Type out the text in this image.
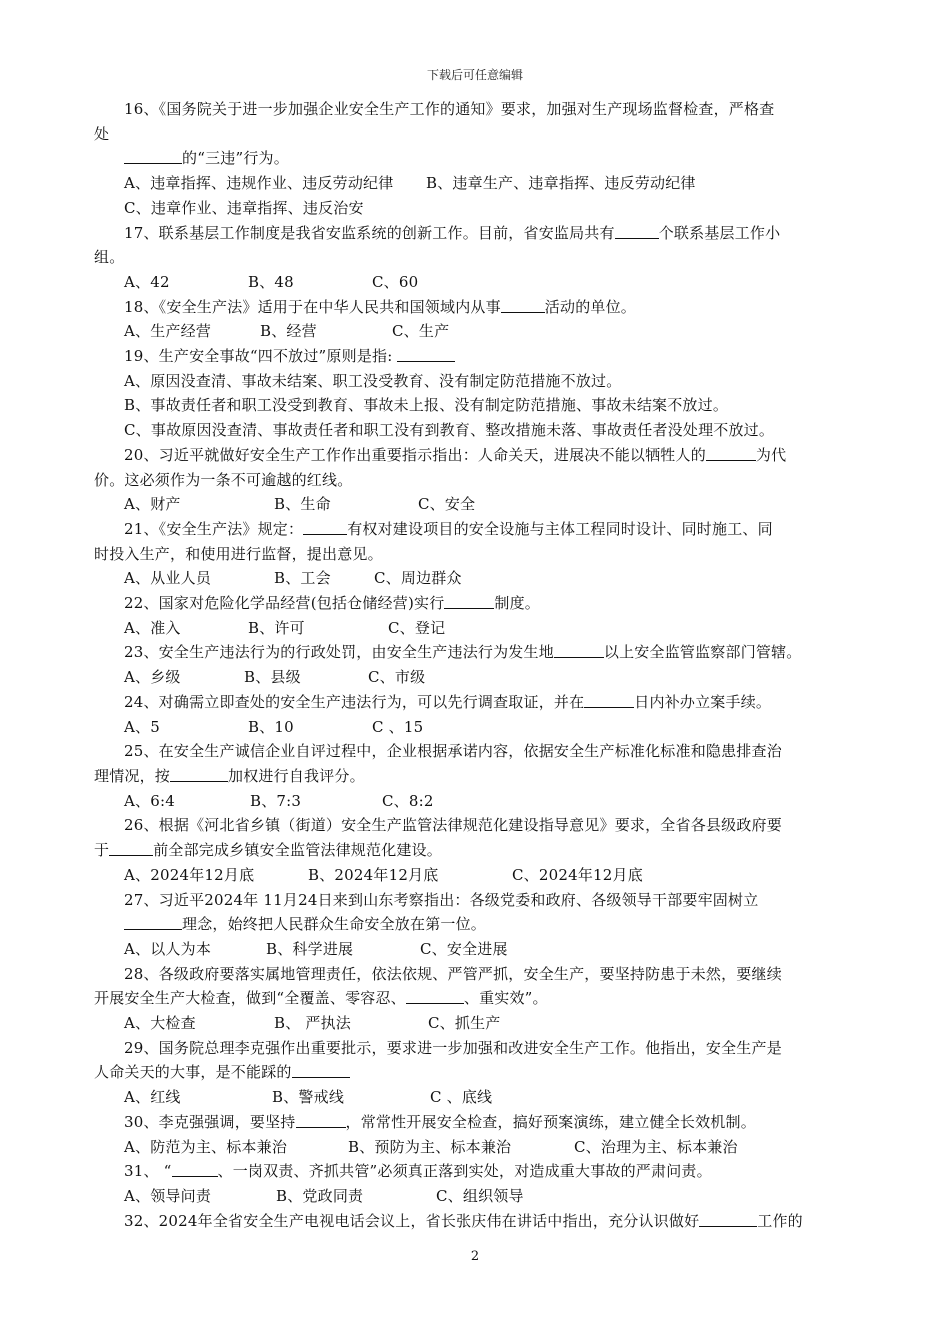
下载后可任意编辑
16、《国务院关于进一步加强企业安全生产工作的通知》要求，加强对生产现场监督检查，严格查
处
的“三违”行为。
A、违章指挥、违规作业、违反劳动纪律	B、违章生产、违章指挥、违反劳动纪律
C、违章作业、违章指挥、违反治安
17、联系基层工作制度是我省安监系统的创新工作。目前，省安监局共有	个联系基层工作小
组。
A、42	B、48	C、60
18、《安全生产法》适用于在中华人民共和国领域内从事	活动的单位。
A、生产经营	B、经营	C、生产
19、生产安全事故“四不放过”原则是指:
A、原因没查清、事故未结案、职工没受教育、没有制定防范措施不放过。
B、事故责任者和职工没受到教育、事故未上报、没有制定防范措施、事故未结案不放过。
C、事故原因没查清、事故责任者和职工没有到教育、整改措施未落、事故责任者没处理不放过。
20、习近平就做好安全生产工作作出重要指示指出：人命关天，进展决不能以牺牲人的	为代
价。这必须作为一条不可逾越的红线。
A、财产	B、生命	C、安全
21、《安全生产法》规定：	有权对建设项目的安全设施与主体工程同时设计、同时施工、同
时投入生产，和使用进行监督，提出意见。
A、从业人员	B、工会	C、周边群众
22、国家对危险化学品经营(包括仓储经营)实行	制度。
A、准入	B、许可	C、登记
23、安全生产违法行为的行政处罚，由安全生产违法行为发生地	以上安全监管监察部门管辖。
A、乡级	B、县级	C、市级
24、对确需立即查处的安全生产违法行为，可以先行调查取证，并在	日内补办立案手续。
A、5	B、10	C 、15
25、在安全生产诚信企业自评过程中，企业根据承诺内容，依据安全生产标准化标准和隐患排查治
理情况，按	加权进行自我评分。
A、6:4	B、7:3	C、8:2
26、根据《河北省乡镇（街道）安全生产监管法律规范化建设指导意见》要求，全省各县级政府要
于	前全部完成乡镇安全监管法律规范化建设。
A、2024年12月底	B、2024年12月底	C、2024年12月底
27、习近平2024年 11月24日来到山东考察指出：各级党委和政府、各级领导干部要牢固树立
理念，始终把人民群众生命安全放在第一位。
A、以人为本	B、科学进展	C、安全进展
28、各级政府要落实属地管理责任，依法依规、严管严抓，安全生产，要坚持防患于未然，要继续
开展安全生产大检查，做到“全覆盖、零容忍、	、重实效”。
A、大检查	B、 严执法	C、抓生产
29、国务院总理李克强作出重要批示，要求进一步加强和改进安全生产工作。他指出，安全生产是
人命关天的大事，是不能踩的
A、红线	B、警戒线	C 、底线
30、李克强强调，要坚持	，常常性开展安全检查，搞好预案演练，建立健全长效机制。
A、防范为主、标本兼治	B、预防为主、标本兼治	C、治理为主、标本兼治
31、 “	、一岗双责、齐抓共管”必须真正落到实处，对造成重大事故的严肃问责。
A、领导问责	B、党政同责	C、组织领导
32、2024年全省安全生产电视电话会议上，省长张庆伟在讲话中指出，充分认识做好	工作的
2
